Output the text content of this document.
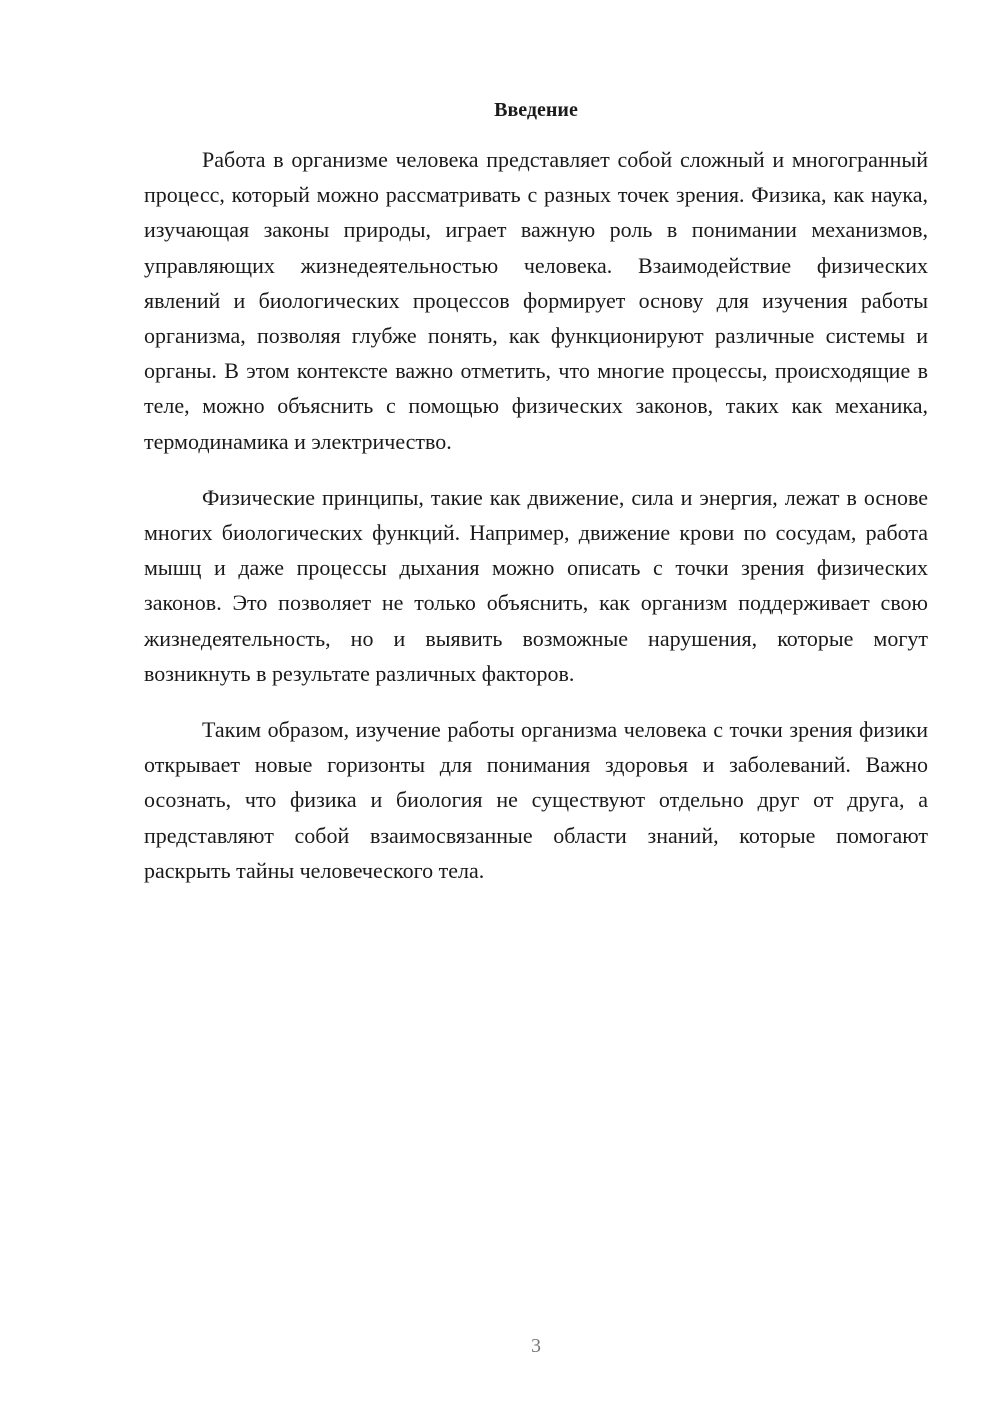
Введение

Работа в организме человека представляет собой сложный и многогранный процесс, который можно рассматривать с разных точек зрения. Физика, как наука, изучающая законы природы, играет важную роль в понимании механизмов, управляющих жизнедеятельностью человека. Взаимодействие физических явлений и биологических процессов формирует основу для изучения работы организма, позволяя глубже понять, как функционируют различные системы и органы. В этом контексте важно отметить, что многие процессы, происходящие в теле, можно объяснить с помощью физических законов, таких как механика, термодинамика и электричество.

Физические принципы, такие как движение, сила и энергия, лежат в основе многих биологических функций. Например, движение крови по сосудам, работа мышц и даже процессы дыхания можно описать с точки зрения физических законов. Это позволяет не только объяснить, как организм поддерживает свою жизнедеятельность, но и выявить возможные нарушения, которые могут возникнуть в результате различных факторов.

Таким образом, изучение работы организма человека с точки зрения физики открывает новые горизонты для понимания здоровья и заболеваний. Важно осознать, что физика и биология не существуют отдельно друг от друга, а представляют собой взаимосвязанные области знаний, которые помогают раскрыть тайны человеческого тела.

3
